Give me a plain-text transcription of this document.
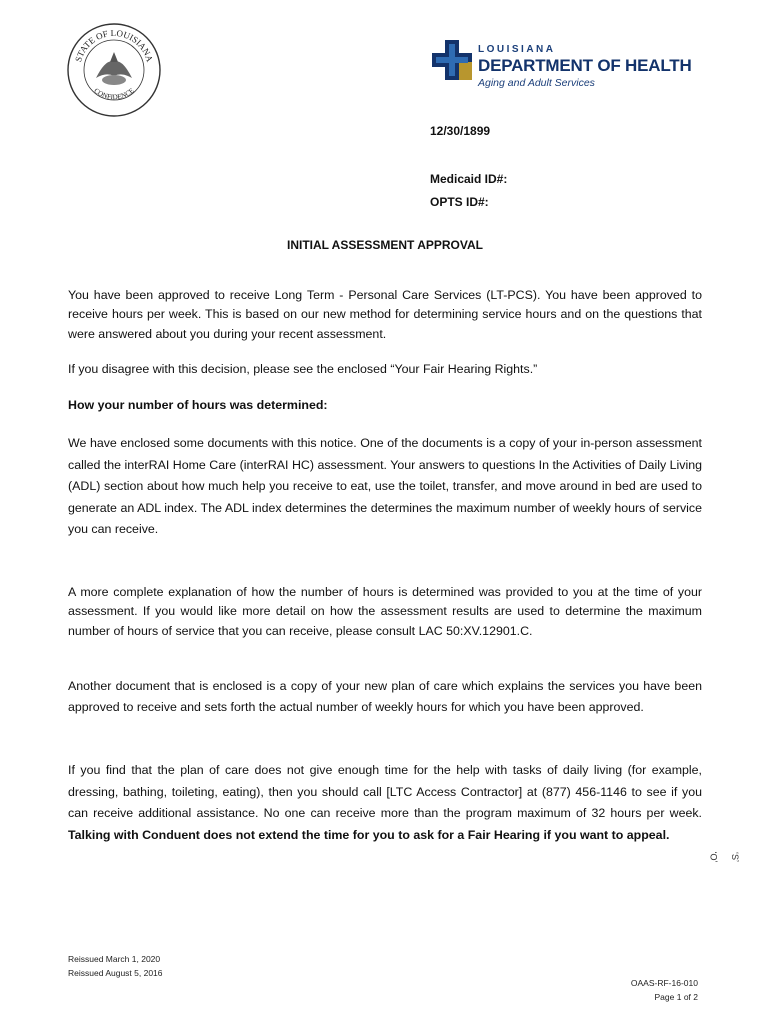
STATE OF LOUISIANA
CONFIDENCE
LOUISIANA
DEPARTMENT OF HEALTH
Aging and Adult Services
12/30/1899
Medicaid ID#:
OPTS ID#:
INITIAL ASSESSMENT APPROVAL

You have been approved to receive Long Term - Personal Care Services (LT-PCS). You have been approved to receive hours per week. This is based on our new method for determining service hours and on the questions that were answered about you during your recent assessment.

If you disagree with this decision, please see the enclosed “Your Fair Hearing Rights.”

How your number of hours was determined:

We have enclosed some documents with this notice. One of the documents is a copy of your in-person assessment called the interRAI Home Care (interRAI HC) assessment. Your answers to questions In the Activities of Daily Living (ADL) section about how much help you receive to eat, use the toilet, transfer, and move around in bed are used to generate an ADL index. The ADL index determines the determines the maximum number of weekly hours of service you can receive.

A more complete explanation of how the number of hours is determined was provided to you at the time of your assessment. If you would like more detail on how the assessment results are used to determine the maximum number of hours of service that you can receive, please consult LAC 50:XV.12901.C.

Another document that is enclosed is a copy of your new plan of care which explains the services you have been approved to receive and sets forth the actual number of weekly hours for which you have been approved.

If you find that the plan of care does not give enough time for the help with tasks of daily living (for example, dressing, bathing, toileting, eating), then you should call [LTC Access Contractor] at (877) 456-1146 to see if you can receive additional assistance. No one can receive more than the program maximum of 32 hours per week. Talking with Conduent does not extend the time for you to ask for a Fair Hearing if you want to appeal.

ʻOʼ ʻSʼ
Reissued March 1, 2020
Reissued August 5, 2016
OAAS-RF-16-010
Page 1 of 2
